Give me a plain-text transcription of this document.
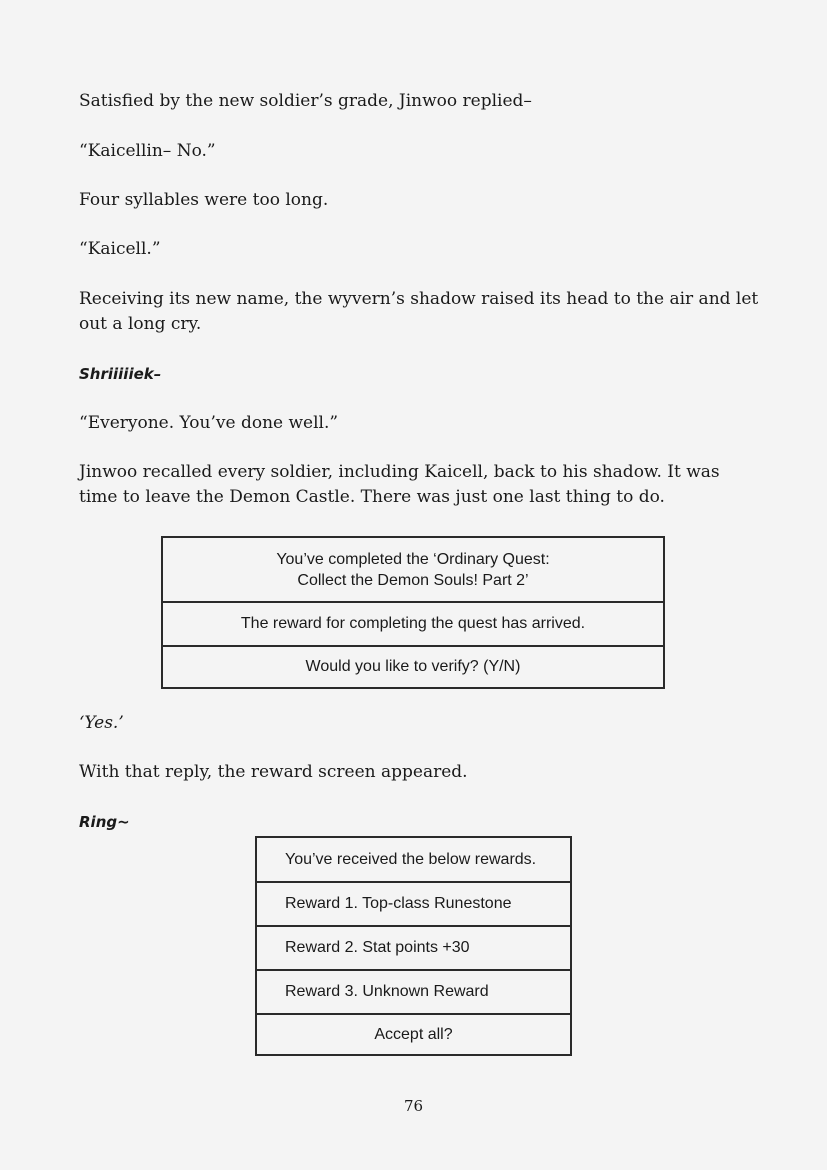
Satisfied by the new soldier’s grade, Jinwoo replied–

“Kaicellin– No.”

Four syllables were too long.

“Kaicell.”

Receiving its new name, the wyvern’s shadow raised its head to the air and let out a long cry.

Shriiiiiek–

“Everyone. You’ve done well.”

Jinwoo recalled every soldier, including Kaicell, back to his shadow. It was time to leave the Demon Castle. There was just one last thing to do.

You’ve completed the ‘Ordinary Quest:
Collect the Demon Souls! Part 2’
The reward for completing the quest has arrived.
Would you like to verify? (Y/N)

‘Yes.’

With that reply, the reward screen appeared.

Ring~

You’ve received the below rewards.
Reward 1. Top-class Runestone
Reward 2. Stat points +30
Reward 3. Unknown Reward
Accept all?
76
